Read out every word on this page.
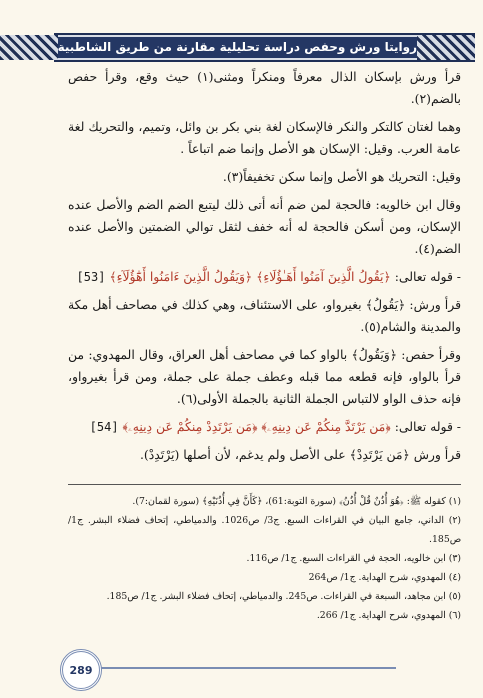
روايتا ورش وحفص دراسة تحليلية مقارنة من طريق الشاطبية

قرأ ورش بإسكان الذال معرفاً ومنكراً ومثنى(١) حيث وقع، وقرأ حفص بالضم(٢).

وهما لغتان كالتكر والنكر فالإسكان لغة بني بكر بن وائل، وتميم، والتحريك لغة عامة العرب. وقيل: الإسكان هو الأصل وإنما ضم اتباعاً .

وقيل: التحريك هو الأصل وإنما سكن تخفيفاً(٣).

وقال ابن خالويه: فالحجة لمن ضم أنه أتى ذلك ليتبع الضم الضم والأصل عنده الإسكان، ومن أسكن فالحجة له أنه خفف لثقل توالي الضمتين والأصل عنده الضم(٤).

- قوله تعالى: ﴿يَقُولُ الَّذِينَ آمَنُوا أَهَـٰؤُلَاءِ﴾ ﴿وَيَقُولُ الَّذِينَ ءَامَنُوا أَهَٰٓؤُلَآءِ﴾ [53]

قرأ ورش: ﴿يَقُولُ﴾ بغيرواو، على الاستئناف، وهي كذلك في مصاحف أهل مكة والمدينة والشام(٥).

وقرأ حفص: ﴿وَيَقُولُ﴾ بالواو كما في مصاحف أهل العراق، وقال المهدوي: من قرأ بالواو، فإنه قطعه مما قبله وعطف جملة على جملة، ومن قرأ بغيرواو، فإنه حذف الواو لالتباس الجملة الثانية بالجملة الأولى(٦).

- قوله تعالى: ﴿مَن يَرْتَدَّ مِنكُمْ عَن دِينِهِۦ﴾ ﴿مَن يَرْتَدِدْ مِنكُمْ عَن دِينِهِۦ﴾ [54]

قرأ ورش ﴿مَن يَرْتَدِدْ﴾ على الأصل ولم يدغم، لأن أصلها (يَرْتَدِدْ).

(١) كقوله ﷺ: ﴿هُوَ أُذُنٌ قُلْ أُذُنُ﴾ (سورة التوبة:61)، ﴿كَأَنَّ فِي أُذُنَيْهِ﴾ (سورة لقمان:7).

(٢) الداني، جامع البيان في القراءات السبع. ج3/ ص1026. والدمياطي، إتحاف فضلاء البشر. ج1/ ص185.

(٣) ابن خالويه، الحجة في القراءات السبع. ج1/ ص116.

(٤) المهدوي، شرح الهداية. ج1/ ص264

(٥) ابن مجاهد، السبعة في القراءات. ص245. والدمياطي، إتحاف فضلاء البشر. ج1/ ص185.

(٦) المهدوي، شرح الهداية. ج1/ 266.

289
